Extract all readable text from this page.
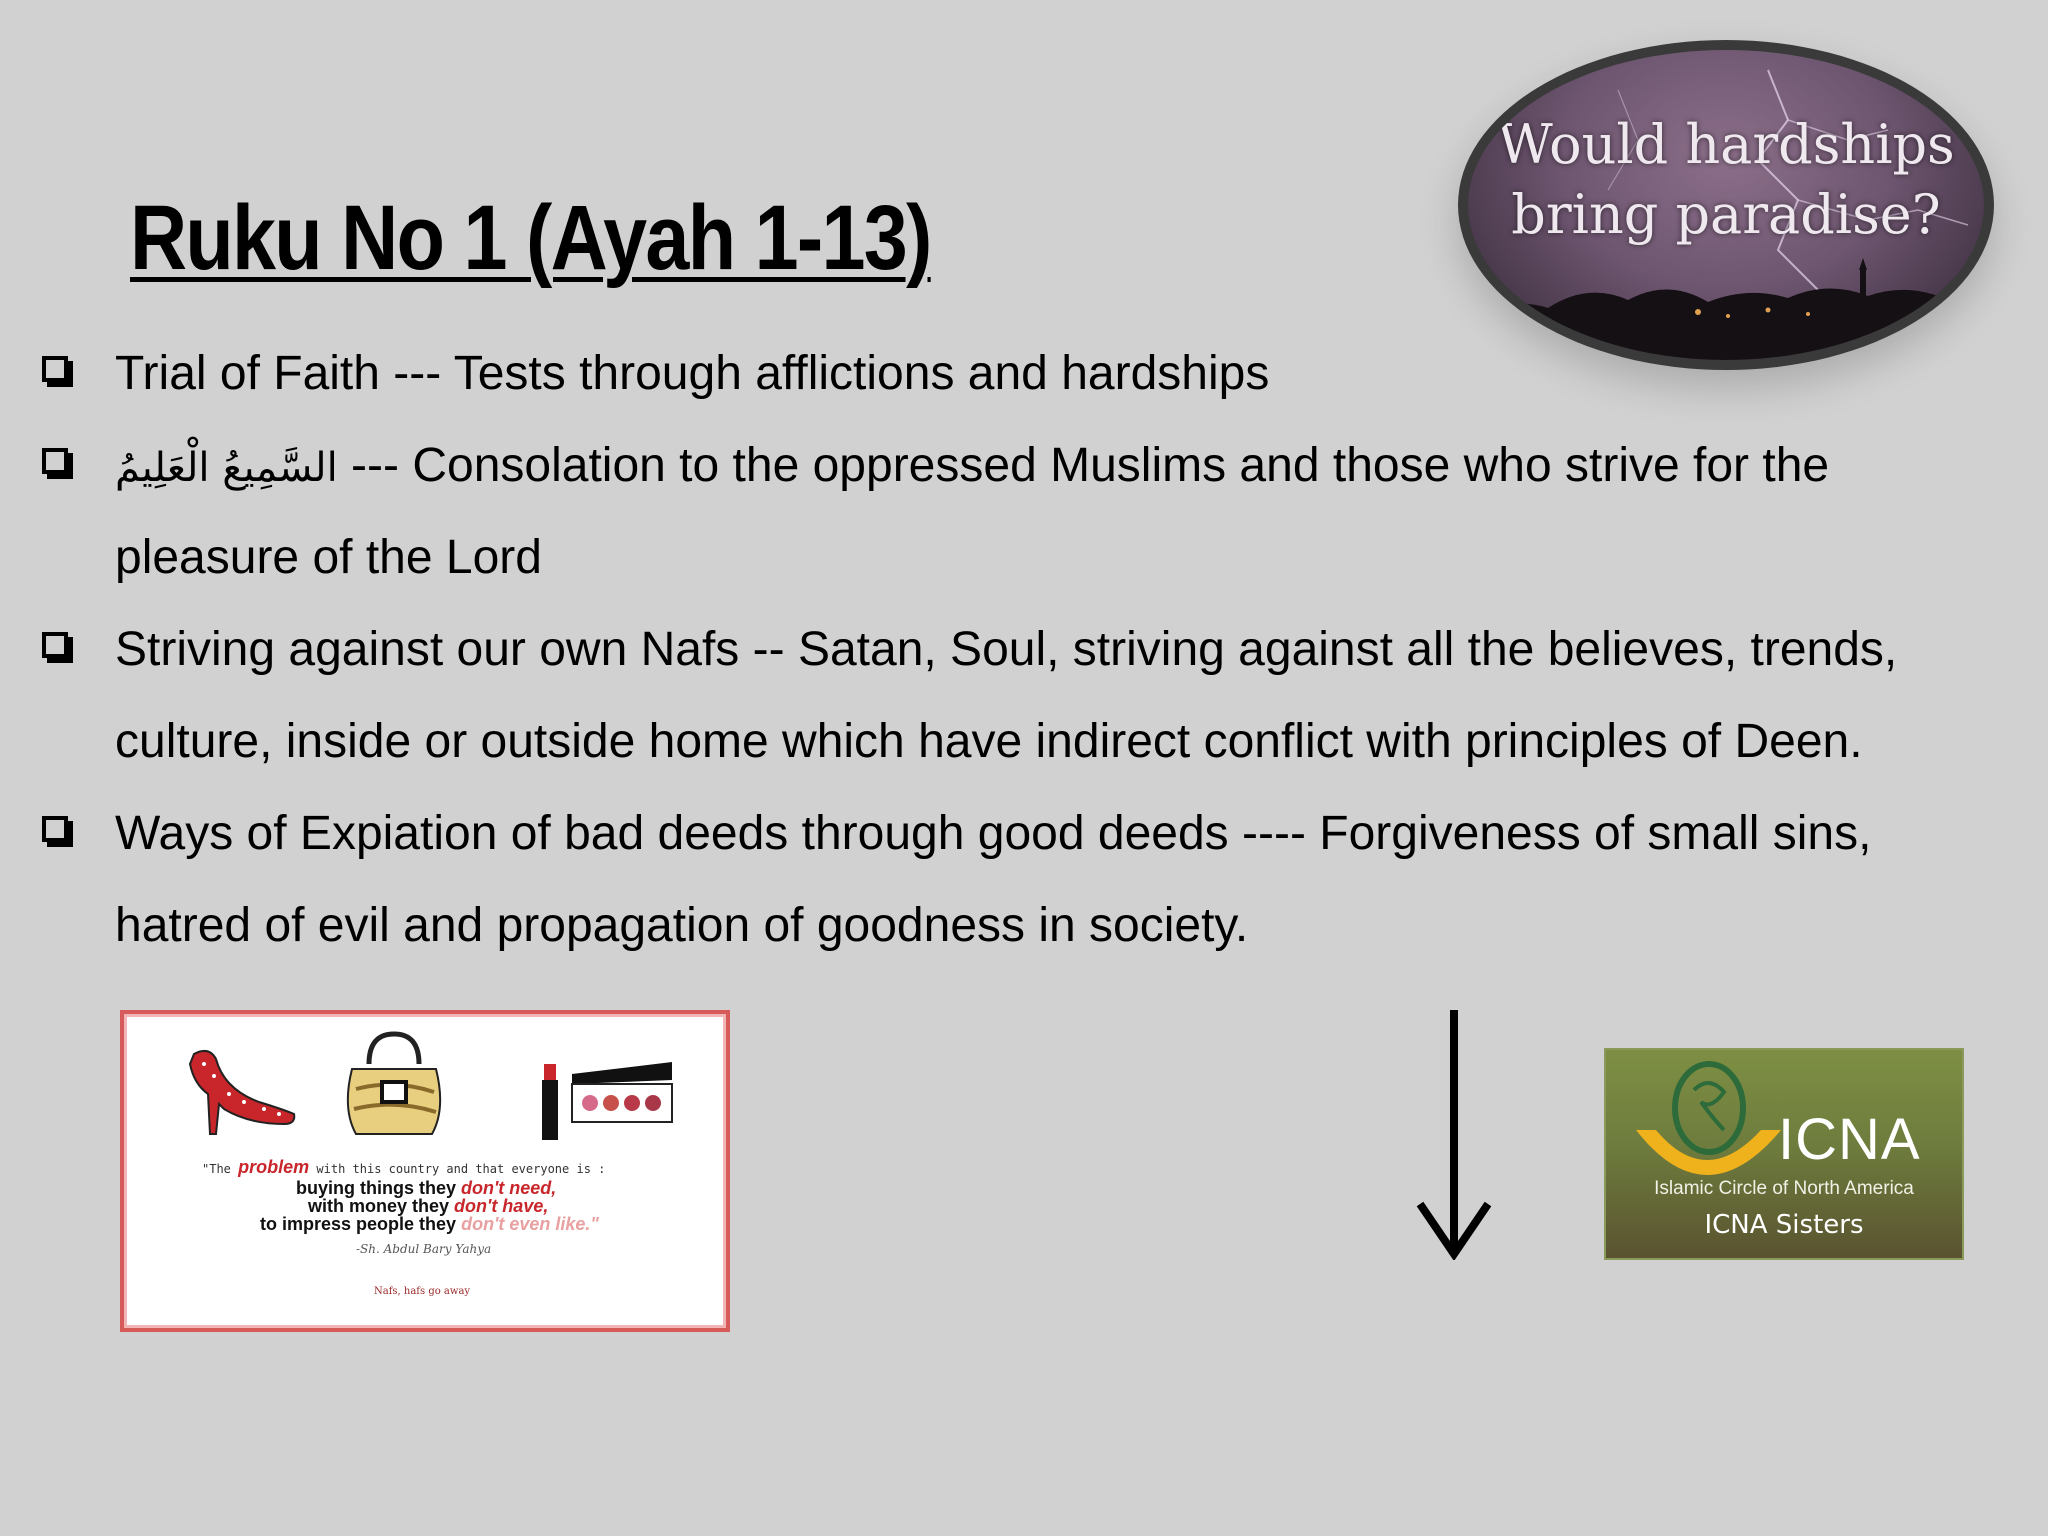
Ruku No 1 (Ayah 1-13)
Would hardships
bring paradise?
Trial of Faith --- Tests through afflictions and hardships
السَّمِيعُ الْعَلِيمُ --- Consolation to the oppressed Muslims and those who strive for the
pleasure of the Lord
Striving against our own Nafs -- Satan, Soul, striving against all the believes, trends,
culture, inside or outside home which have indirect conflict with principles of Deen.
Ways of Expiation of bad deeds through good deeds ---- Forgiveness of small sins,
hatred of evil and propagation of goodness in society.
"The problem with this country and that everyone is :
buying things they don't need,
with money they don't have,
to impress people they don't even like."
-Sh. Abdul Bary Yahya
Nafs, hafs go away
ICNA
Islamic Circle of North America
ICNA Sisters
